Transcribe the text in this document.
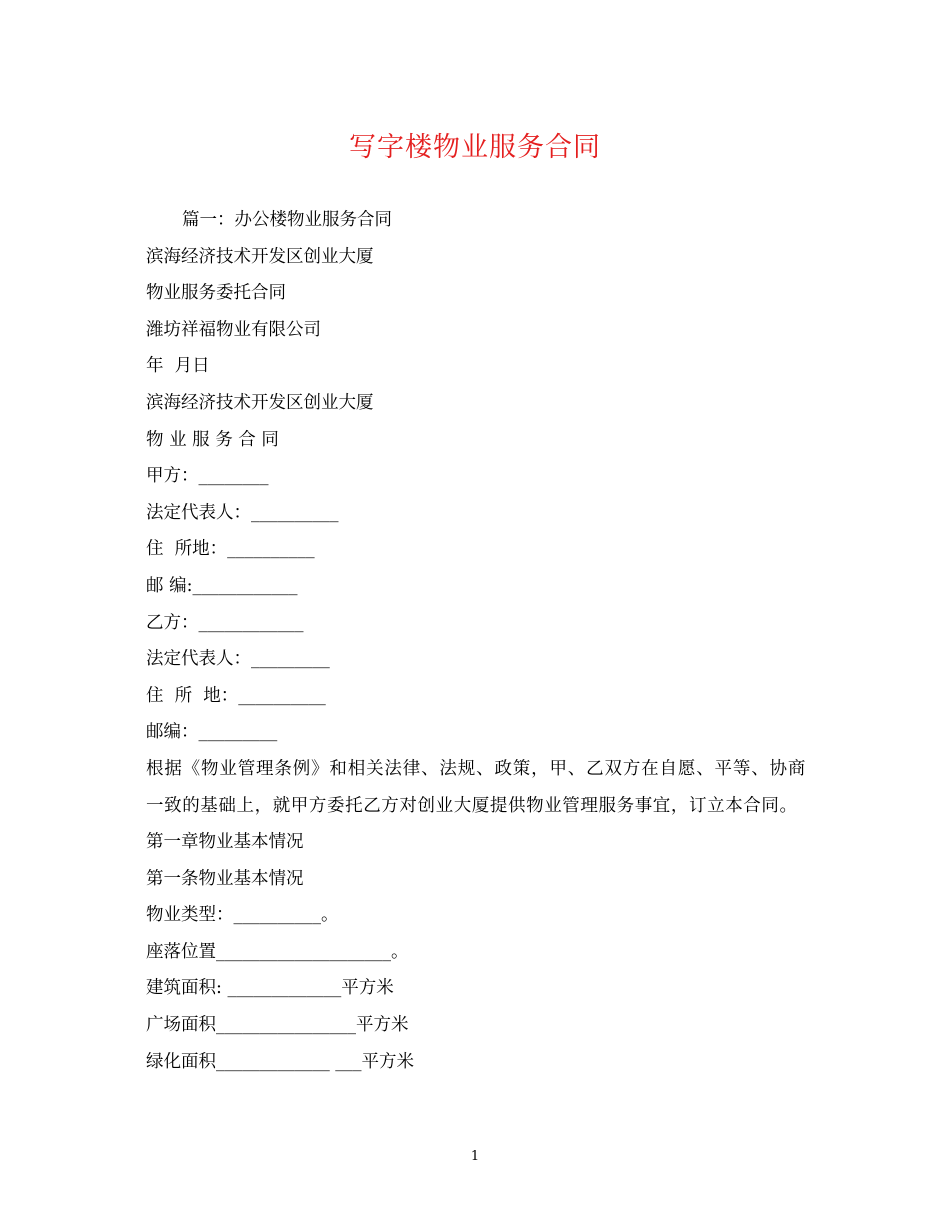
写字楼物业服务合同
篇一：办公楼物业服务合同
滨海经济技术开发区创业大厦
物业服务委托合同
潍坊祥福物业有限公司
年  月日
滨海经济技术开发区创业大厦
物 业 服 务 合 同
甲方：________
法定代表人：__________
住  所地：__________
邮 编:____________
乙方：____________
法定代表人：_________
住  所  地：__________
邮编：_________
根据《物业管理条例》和相关法律、法规、政策，甲、乙双方在自愿、平等、协商一致的基础上，就甲方委托乙方对创业大厦提供物业管理服务事宜，订立本合同。
第一章物业基本情况
第一条物业基本情况
物业类型：__________。
座落位置____________________。
建筑面积: _____________平方米
广场面积________________平方米
绿化面积_____________ ___平方米
1
